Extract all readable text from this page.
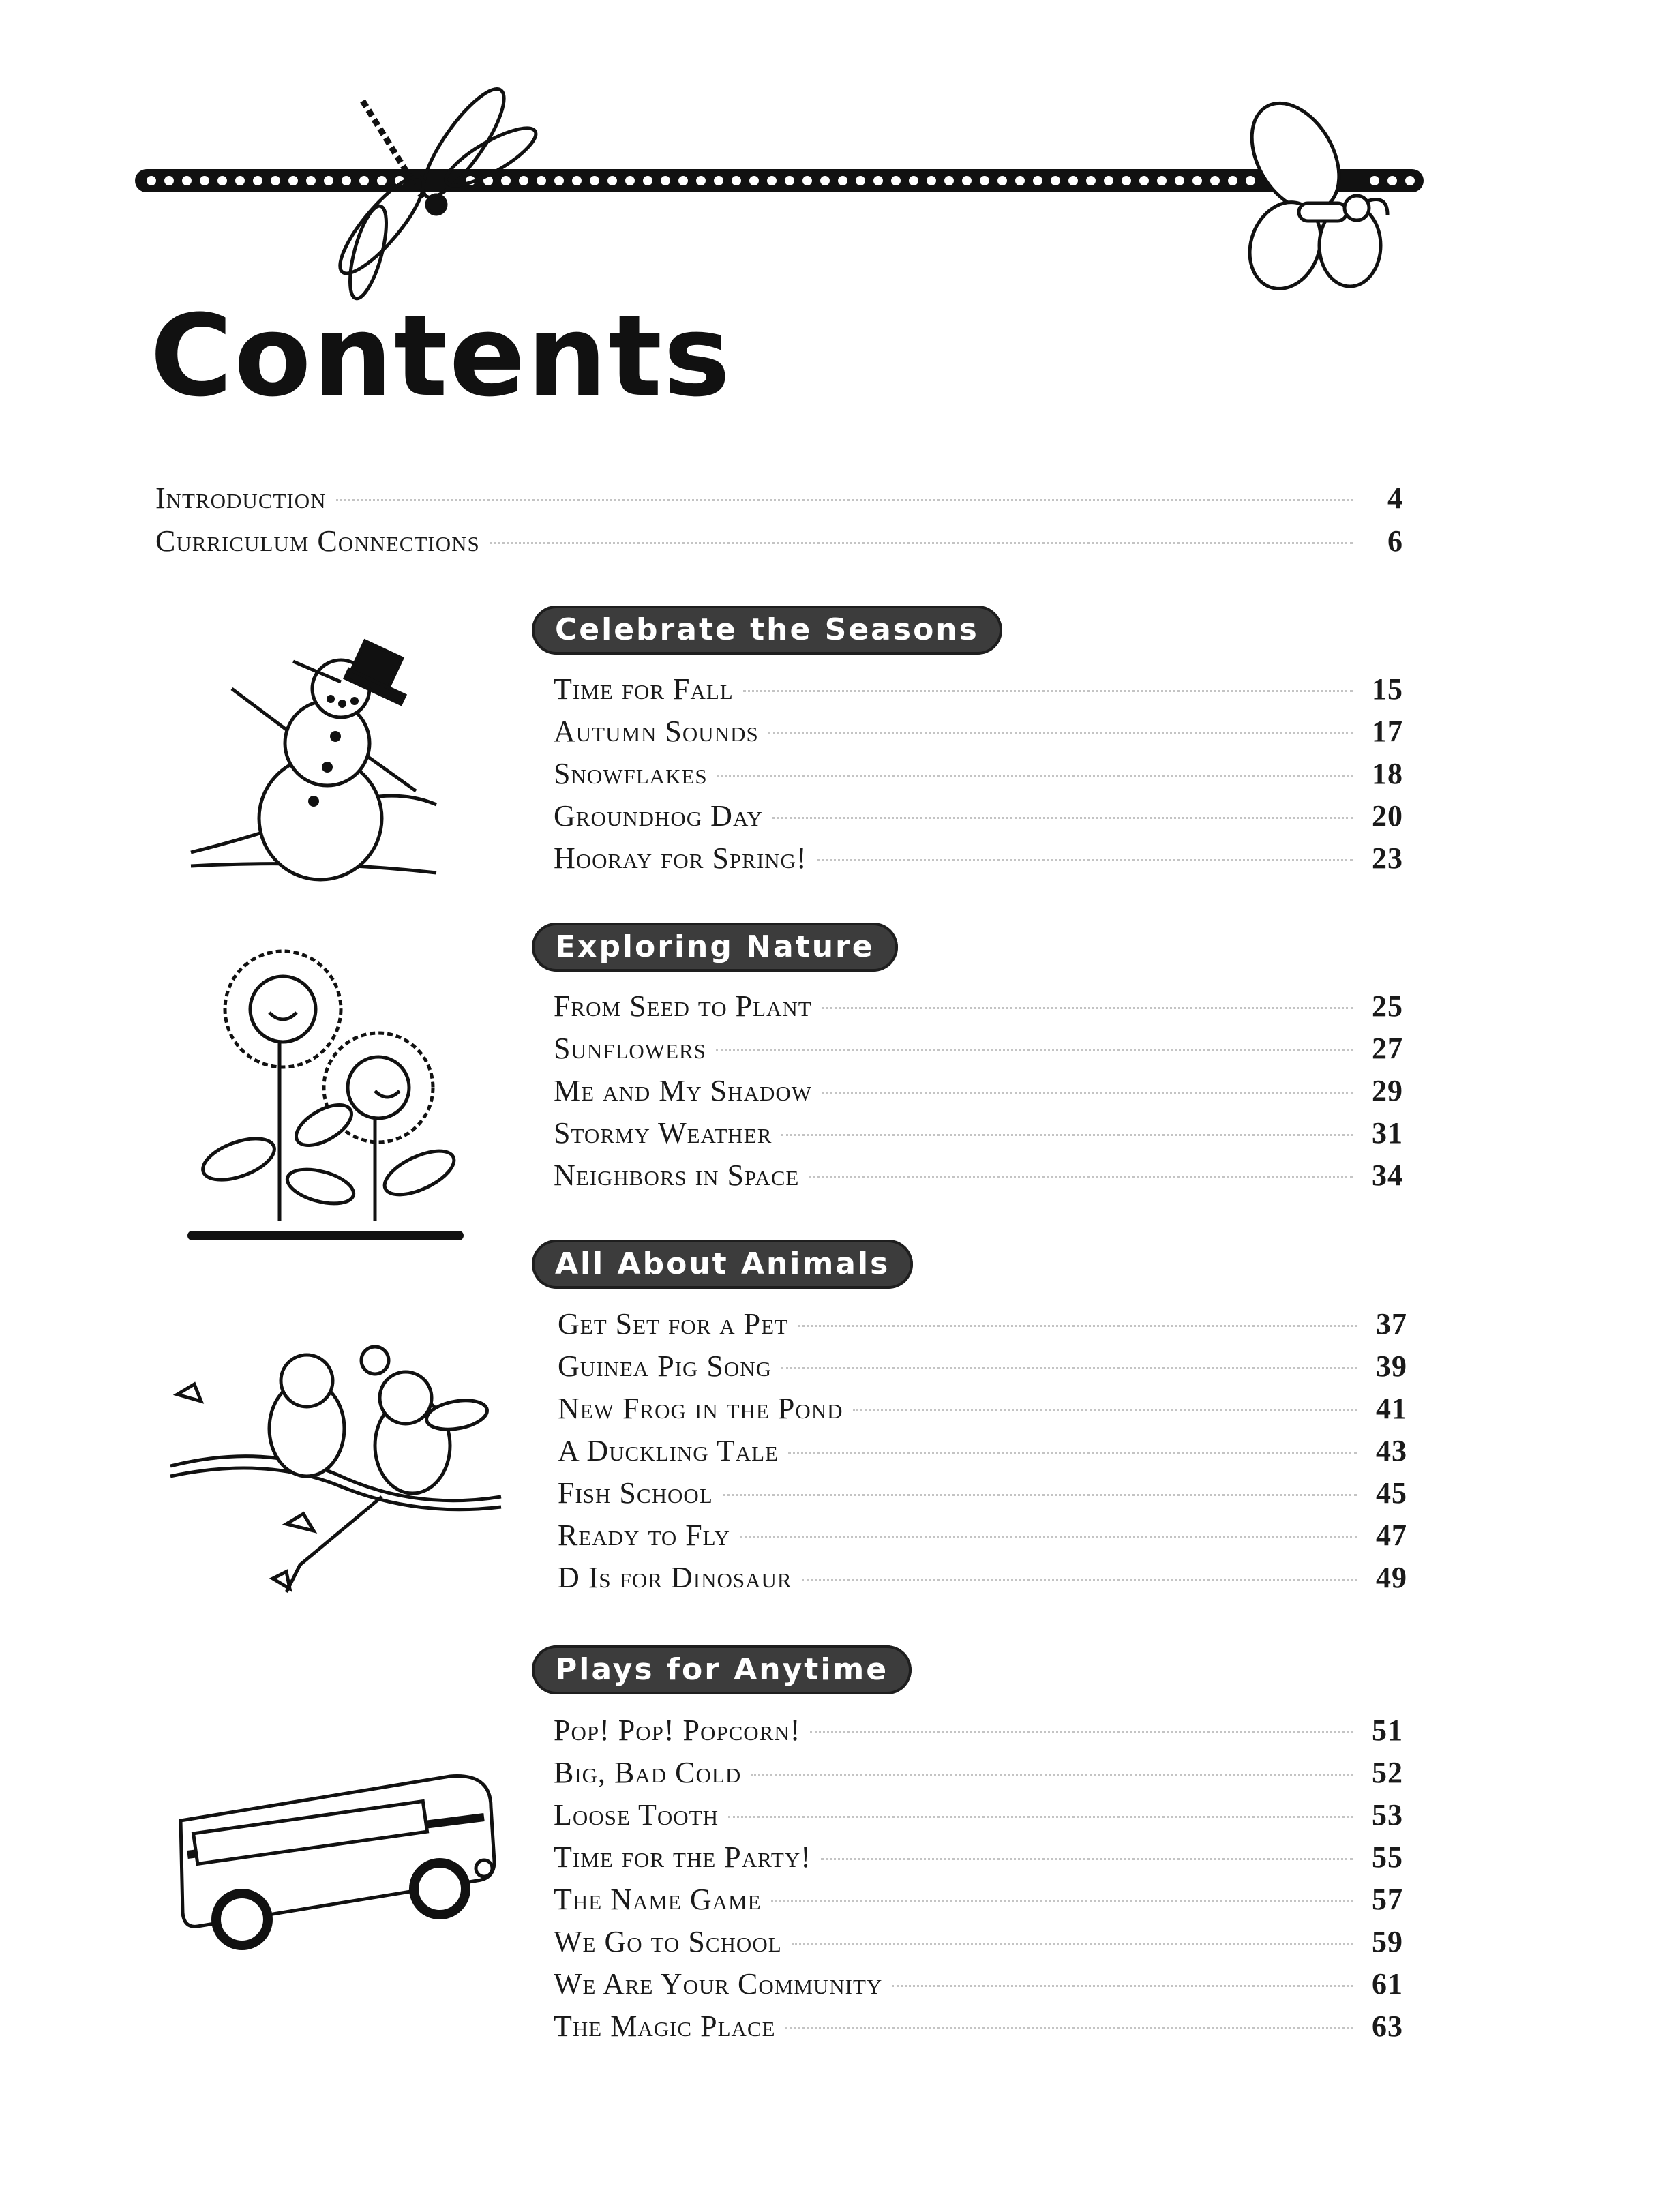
Contents
Introduction	4
Curriculum Connections	6
Celebrate the Seasons
Time for Fall	15
Autumn Sounds	17
Snowflakes	18
Groundhog Day	20
Hooray for Spring!	23
Exploring Nature
From Seed to Plant	25
Sunflowers	27
Me and My Shadow	29
Stormy Weather	31
Neighbors in Space	34
All About Animals
Get Set for a Pet	37
Guinea Pig Song	39
New Frog in the Pond	41
A Duckling Tale	43
Fish School	45
Ready to Fly	47
D Is for Dinosaur	49
Plays for Anytime
Pop! Pop! Popcorn!	51
Big, Bad Cold	52
Loose Tooth	53
Time for the Party!	55
The Name Game	57
We Go to School	59
We Are Your Community	61
The Magic Place	63
